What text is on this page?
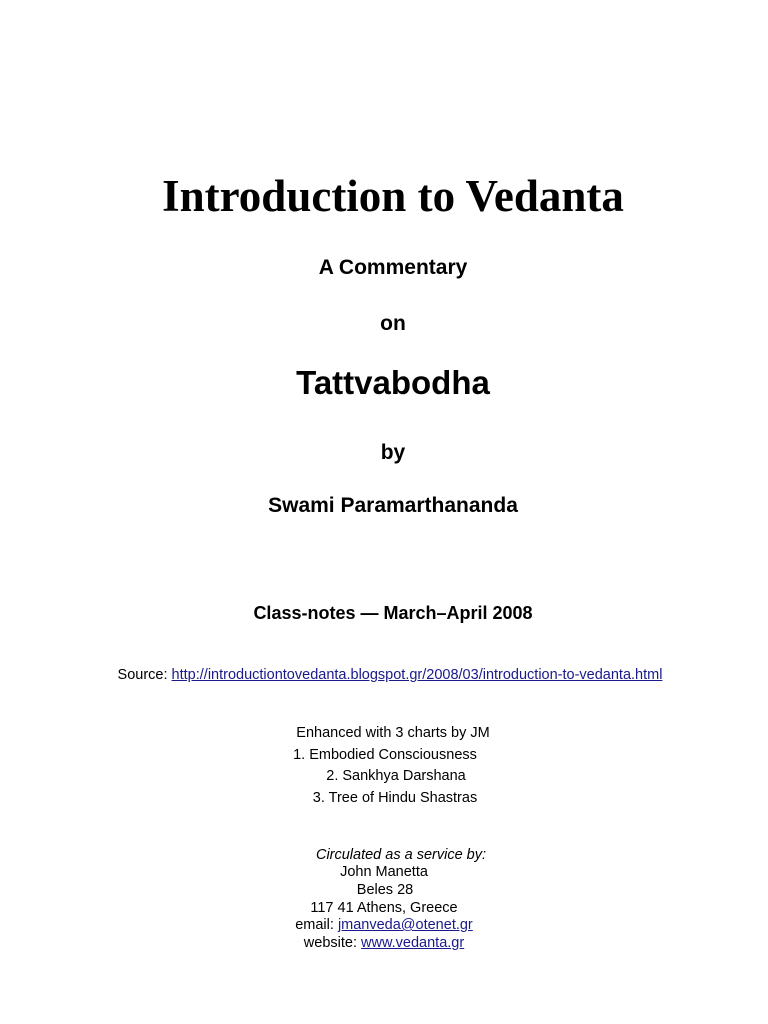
Introduction to Vedanta
A Commentary
on
Tattvabodha
by
Swami Paramarthananda
Class-notes — March–April 2008
Source: http://introductiontovedanta.blogspot.gr/2008/03/introduction-to-vedanta.html
Enhanced with 3 charts by JM
1. Embodied Consciousness
2. Sankhya Darshana
3. Tree of Hindu Shastras
Circulated as a service by:
John Manetta
Beles 28
117 41 Athens, Greece
email: jmanveda@otenet.gr
website: www.vedanta.gr
